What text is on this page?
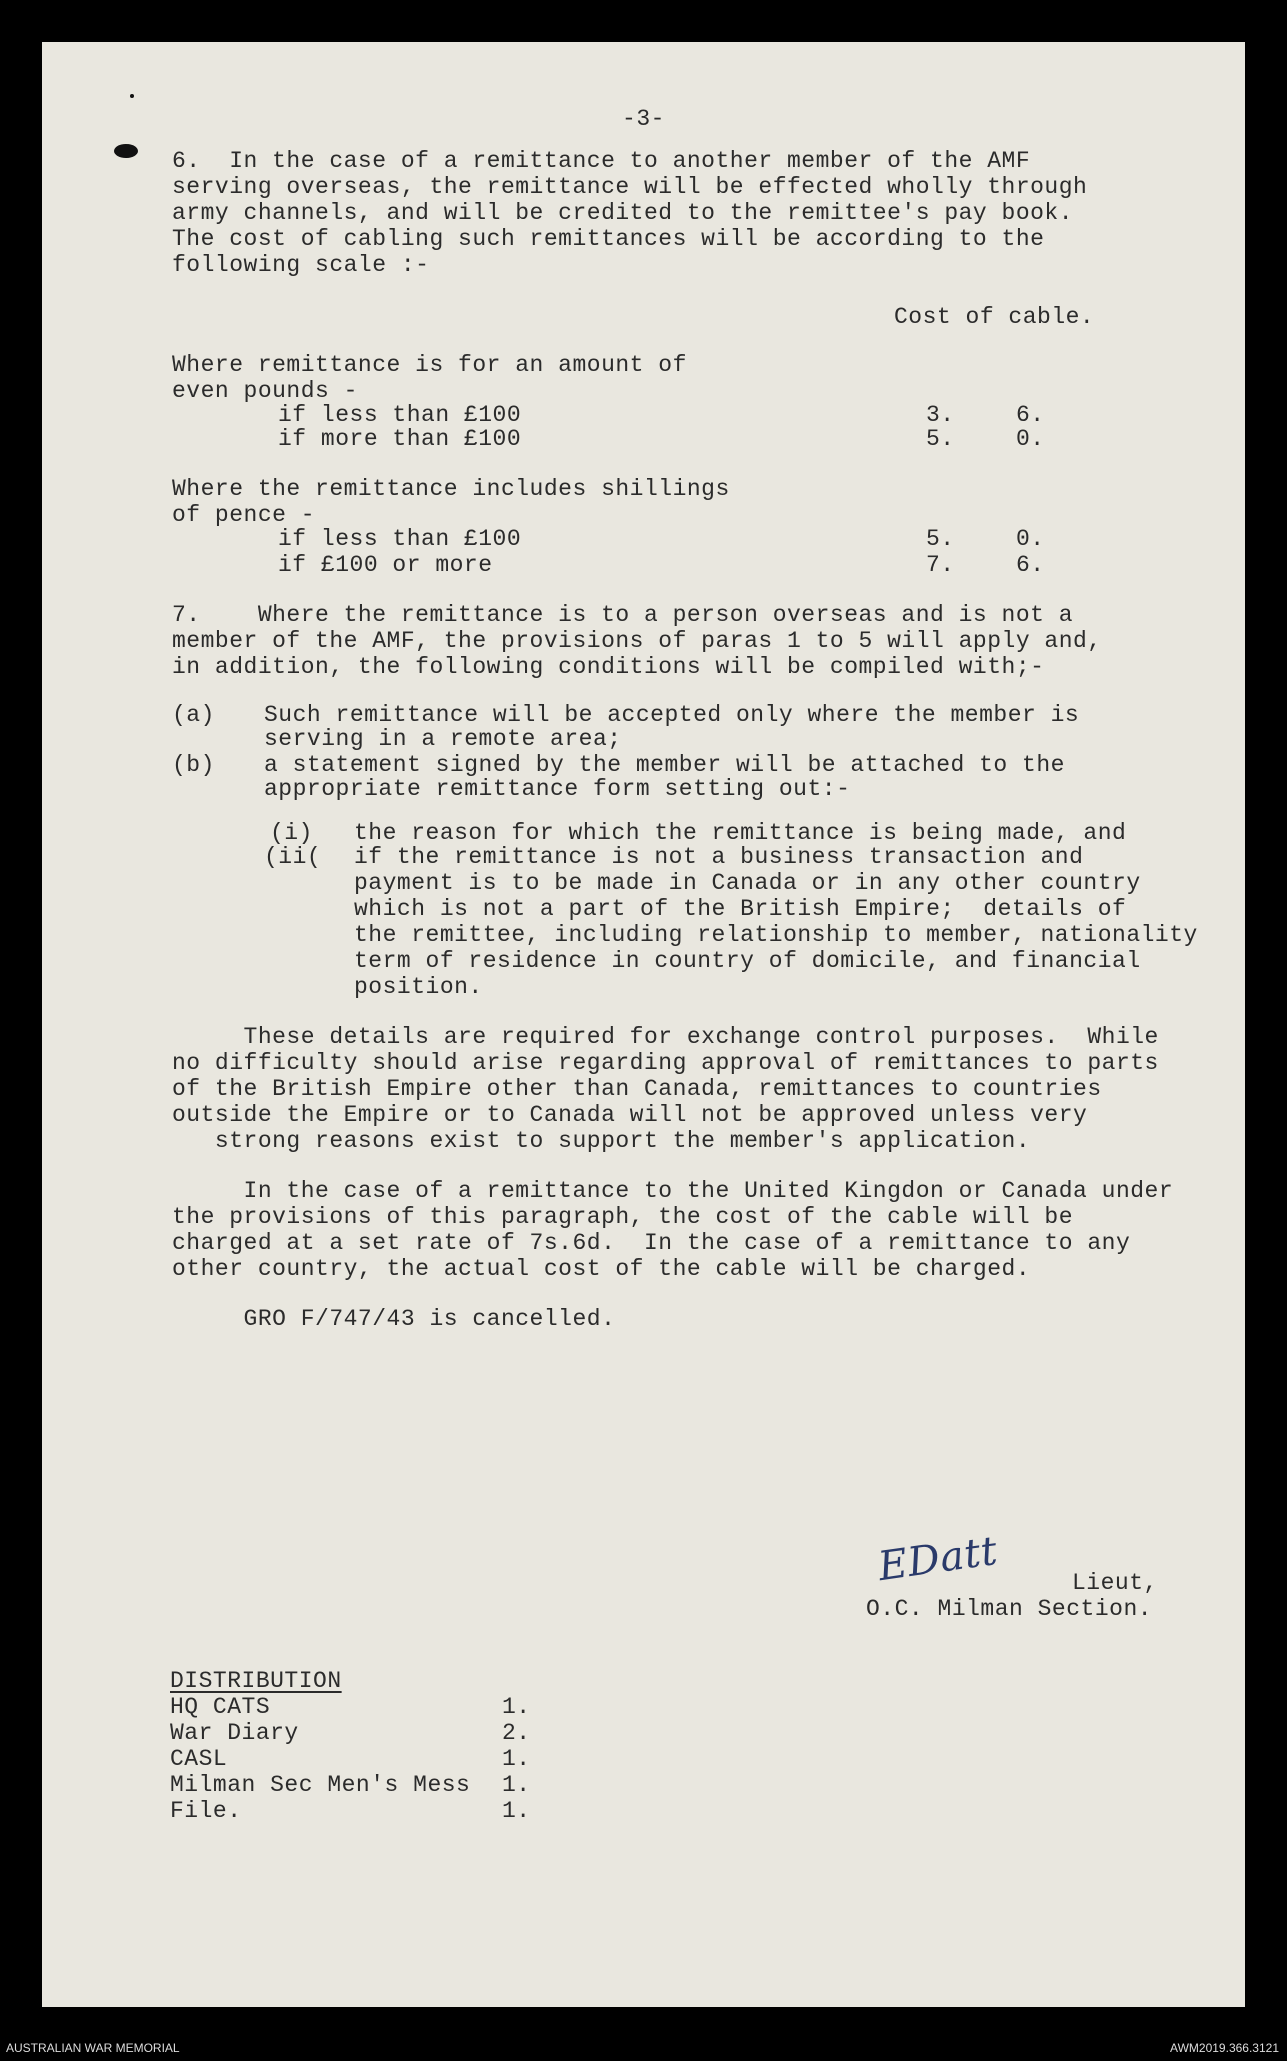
-3-
6.  In the case of a remittance to another member of the AMF
serving overseas, the remittance will be effected wholly through
army channels, and will be credited to the remittee's pay book.
The cost of cabling such remittances will be according to the
following scale :-
Cost of cable.
Where remittance is for an amount of
even pounds -
if less than £100	3.	6.
if more than £100	5.	0.
Where the remittance includes shillings
of pence -
if less than £100	5.	0.
if £100 or more	7.	6.
7.    Where the remittance is to a person overseas and is not a
member of the AMF, the provisions of paras 1 to 5 will apply and,
in addition, the following conditions will be compiled with;-
(a) Such remittance will be accepted only where the member is
serving in a remote area;
(b) a statement signed by the member will be attached to the
appropriate remittance form setting out:-
(i) the reason for which the remittance is being made, and
(ii( if the remittance is not a business transaction and
payment is to be made in Canada or in any other country
which is not a part of the British Empire;  details of
the remittee, including relationship to member, nationality
term of residence in country of domicile, and financial
position.
These details are required for exchange control purposes.  While
no difficulty should arise regarding approval of remittances to parts
of the British Empire other than Canada, remittances to countries
outside the Empire or to Canada will not be approved unless very
strong reasons exist to support the member's application.
In the case of a remittance to the United Kingdon or Canada under
the provisions of this paragraph, the cost of the cable will be
charged at a set rate of 7s.6d.  In the case of a remittance to any
other country, the actual cost of the cable will be charged.
GRO F/747/43 is cancelled.
EDatt	Lieut,
O.C. Milman Section.
DISTRIBUTION
HQ CATS	1.
War Diary	2.
CASL	1.
Milman Sec Men's Mess 1.
File.	1.
AUSTRALIAN WAR MEMORIAL	AWM2019.366.3121
